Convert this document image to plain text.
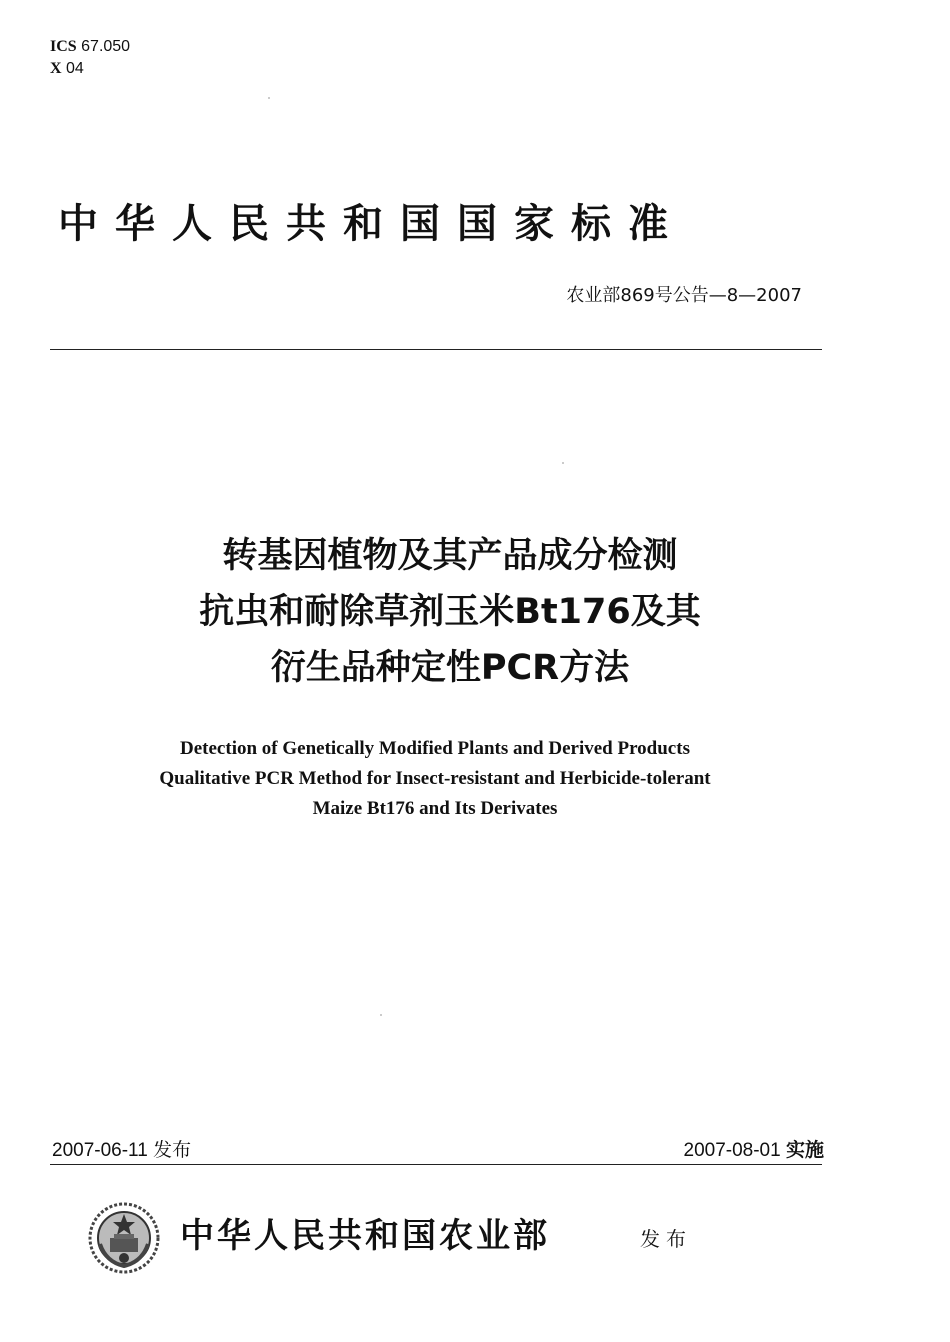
ICS 67.050
X 04
中华人民共和国国家标准
农业部869号公告—8—2007
转基因植物及其产品成分检测
抗虫和耐除草剂玉米Bt176及其
衍生品种定性PCR方法
Detection of Genetically Modified Plants and Derived Products
Qualitative PCR Method for Insect-resistant and Herbicide-tolerant
Maize Bt176 and Its Derivates
2007-06-11 发布	2007-08-01 实施
中华人民共和国农业部	发布
